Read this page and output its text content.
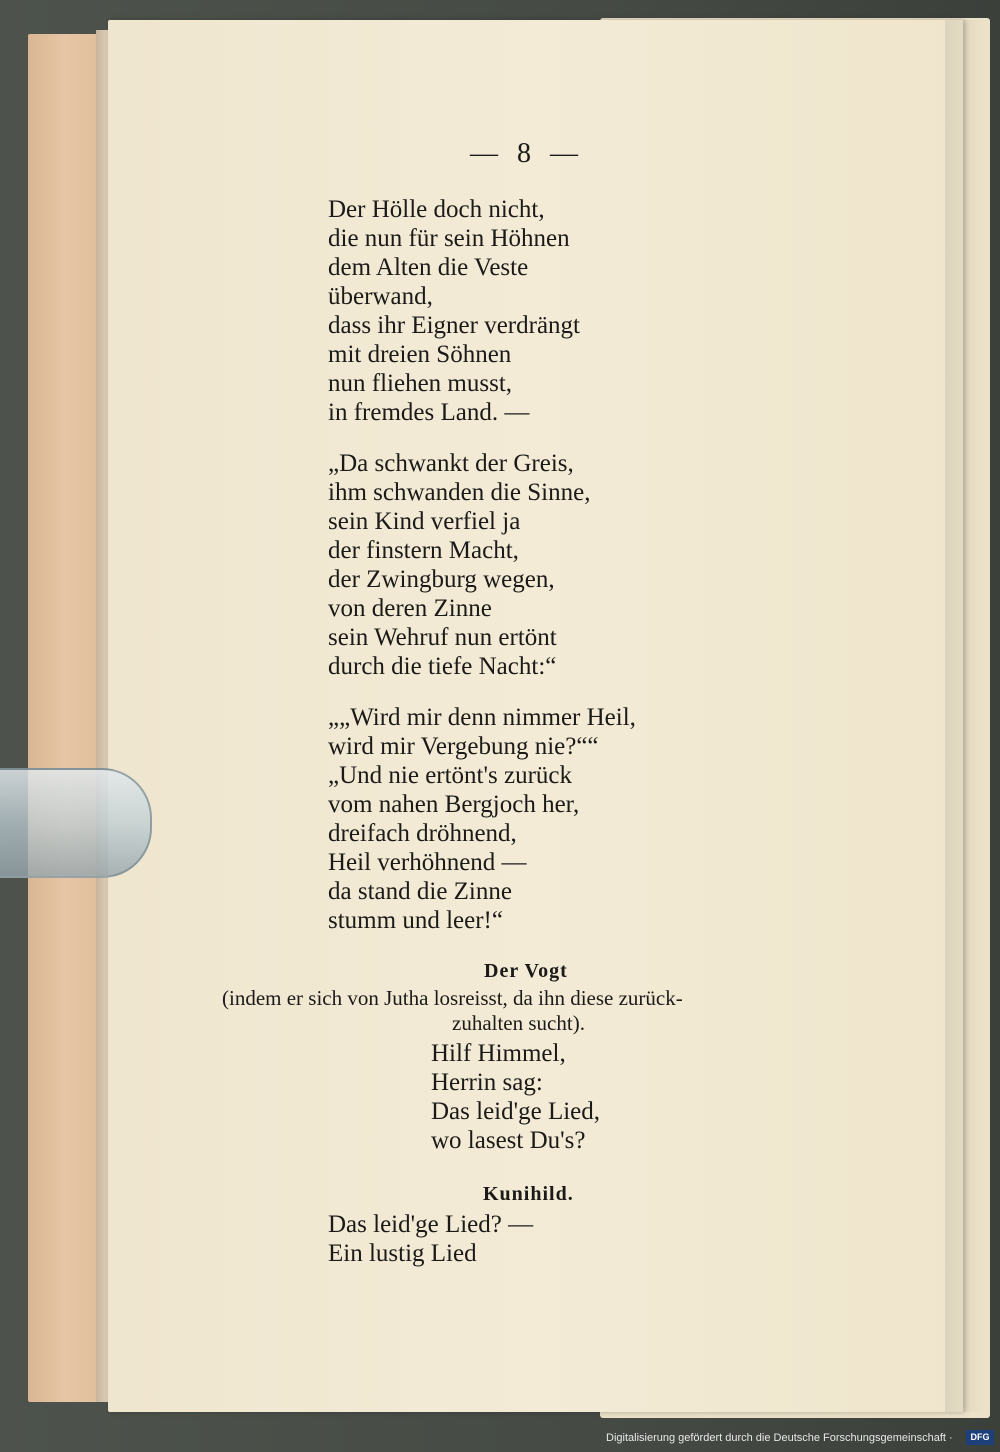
— 8 —
Der Hölle doch nicht,
die nun für sein Höhnen
dem Alten die Veste
überwand,
dass ihr Eigner verdrängt
mit dreien Söhnen
nun fliehen musst,
in fremdes Land. —
„Da schwankt der Greis,
ihm schwanden die Sinne,
sein Kind verfiel ja
der finstern Macht,
der Zwingburg wegen,
von deren Zinne
sein Wehruf nun ertönt
durch die tiefe Nacht:“
„„Wird mir denn nimmer Heil,
wird mir Vergebung nie?““
„Und nie ertönt's zurück
vom nahen Bergjoch her,
dreifach dröhnend,
Heil verhöhnend —
da stand die Zinne
stumm und leer!“
Der Vogt
(indem er sich von Jutha losreisst, da ihn diese zurück-
zuhalten sucht).
Hilf Himmel,
Herrin sag:
Das leid'ge Lied,
wo lasest Du's?
Kunihild.
Das leid'ge Lied? —
Ein lustig Lied
Digitalisierung gefördert durch die Deutsche Forschungsgemeinschaft ·	DFG
